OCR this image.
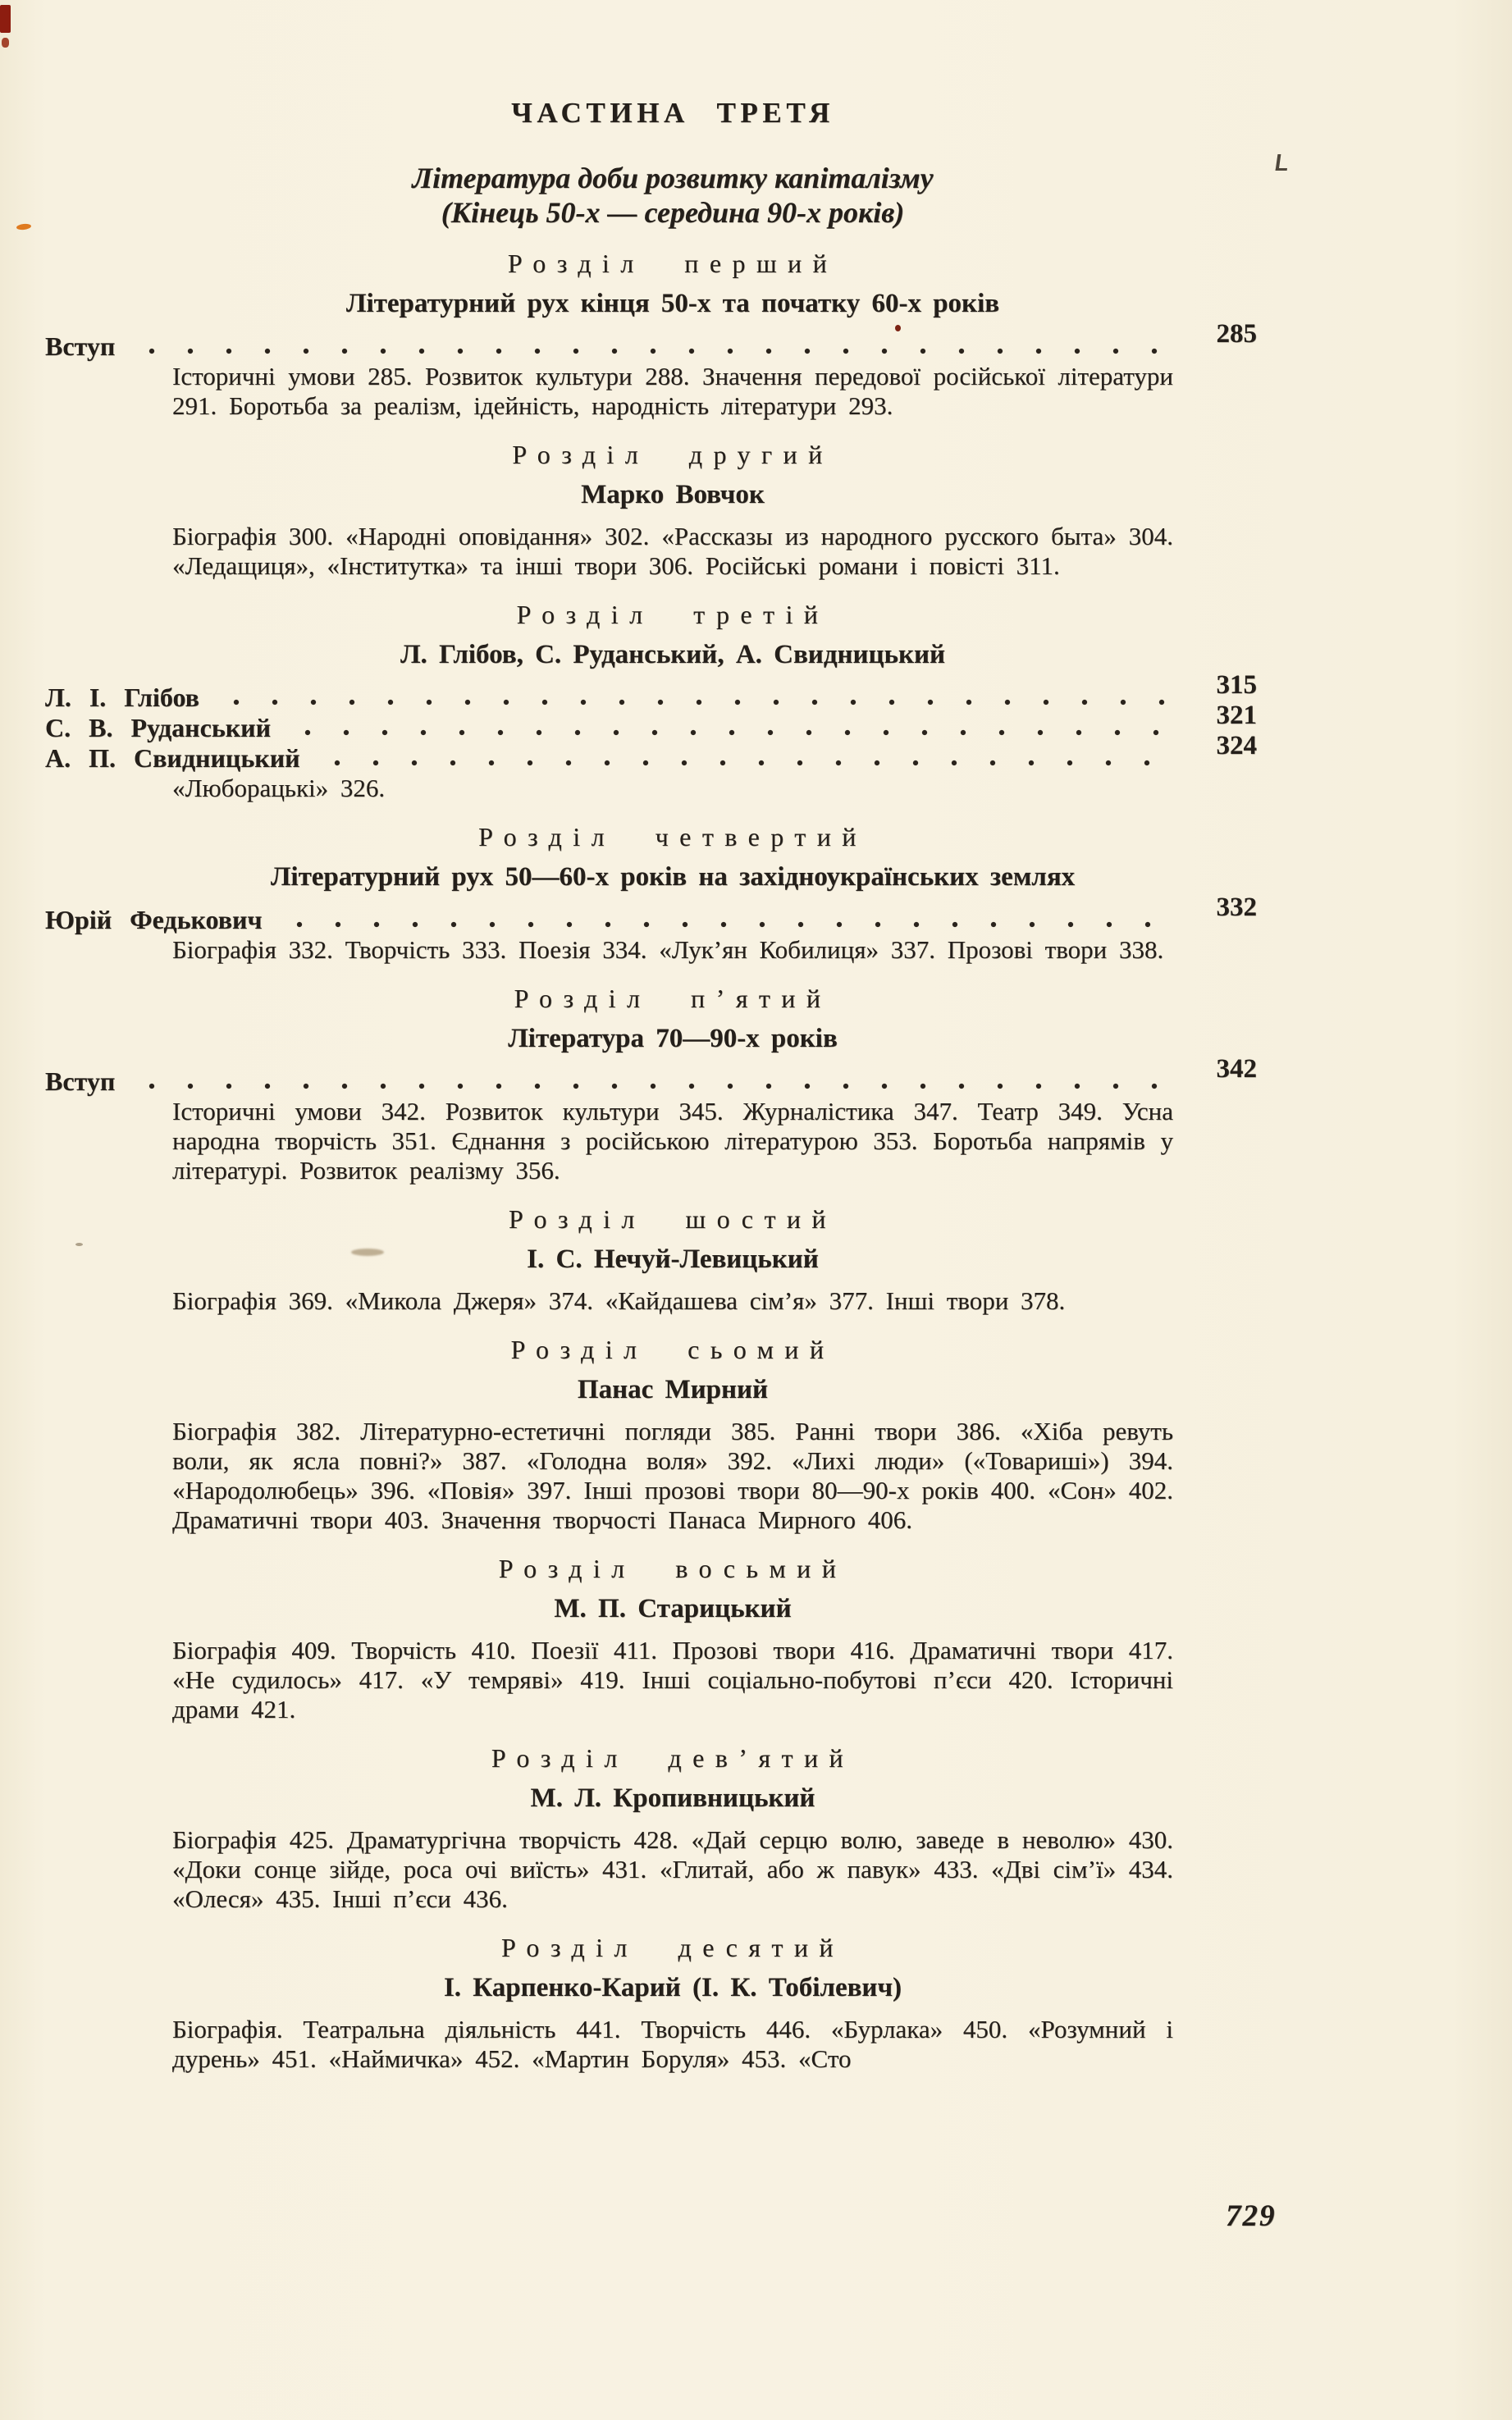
ЧАСТИНА ТРЕТЯ
Література доби розвитку капіталізму
(Кінець 50-х — середина 90-х років)
Розділ перший
Літературний рух кінця 50-х та початку 60-х років
Вступ	285
Історичні умови 285. Розвиток культури 288. Значення передової російської літератури 291. Боротьба за реалізм, ідейність, народність літератури 293.
Розділ другий
Марко Вовчок
Біографія 300. «Народні оповідання» 302. «Рассказы из народного русского быта» 304. «Ледащиця», «Інститутка» та інші твори 306. Російські романи і повісті 311.
Розділ третій
Л. Глібов, С. Руданський, А. Свидницький
Л. І. Глібов	315
С. В. Руданський	321
А. П. Свидницький	324
«Люборацькі» 326.
Розділ четвертий
Літературний рух 50—60-х років на західноукраїнських землях
Юрій Федькович	332
Біографія 332. Творчість 333. Поезія 334. «Лук’ян Кобилиця» 337. Прозові твори 338.
Розділ п’ятий
Література 70—90-х років
Вступ	342
Історичні умови 342. Розвиток культури 345. Журналістика 347. Театр 349. Усна народна творчість 351. Єднання з російською літературою 353. Боротьба напрямів у літературі. Розвиток реалізму 356.
Розділ шостий
І. С. Нечуй-Левицький
Біографія 369. «Микола Джеря» 374. «Кайдашева сім’я» 377. Інші твори 378.
Розділ сьомий
Панас Мирний
Біографія 382. Літературно-естетичні погляди 385. Ранні твори 386. «Хіба ревуть воли, як ясла повні?» 387. «Голодна воля» 392. «Лихі люди» («Товариші») 394. «Народолюбець» 396. «Повія» 397. Інші прозові твори 80—90-х років 400. «Сон» 402. Драматичні твори 403. Значення творчості Панаса Мирного 406.
Розділ восьмий
М. П. Старицький
Біографія 409. Творчість 410. Поезії 411. Прозові твори 416. Драматичні твори 417. «Не судилось» 417. «У темряві» 419. Інші соціально-побутові п’єси 420. Історичні драми 421.
Розділ дев’ятий
М. Л. Кропивницький
Біографія 425. Драматургічна творчість 428. «Дай серцю волю, заведе в неволю» 430. «Доки сонце зійде, роса очі виїсть» 431. «Глитай, або ж павук» 433. «Дві сім’ї» 434. «Олеся» 435. Інші п’єси 436.
Розділ десятий
І. Карпенко-Карий (І. К. Тобілевич)
Біографія. Театральна діяльність 441. Творчість 446. «Бурлака» 450. «Розумний і дурень» 451. «Наймичка» 452. «Мартин Боруля» 453. «Сто
729
